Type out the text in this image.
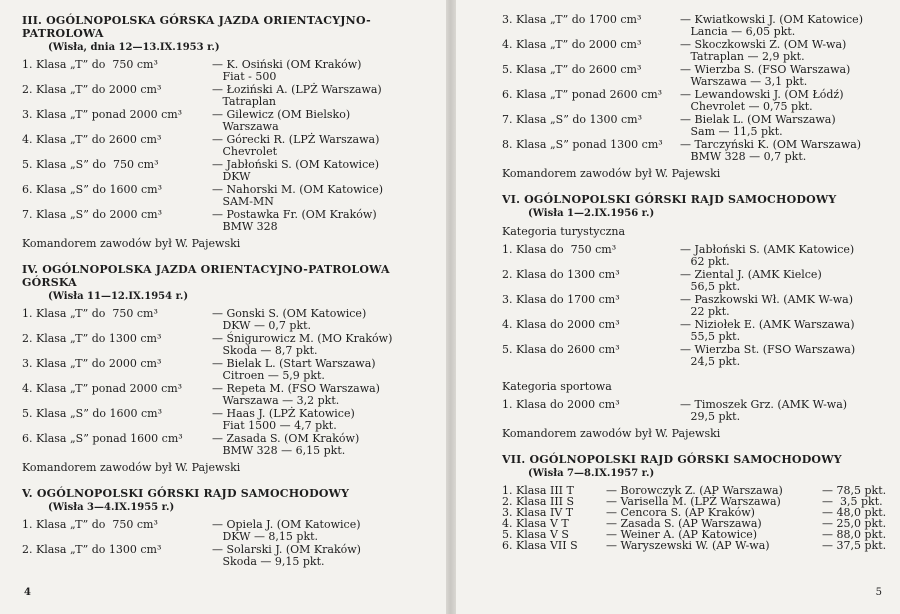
III. OGÓLNOPOLSKA GÓRSKA JAZDA ORIENTACYJNO-
PATROLOWA
(Wisła, dnia 12—13.IX.1953 r.)
1. Klasa „T” do  750 cm³	— K. Osiński (OM Kraków)
Fiat - 500
2. Klasa „T” do 2000 cm³	— Łoziński A. (LPŻ Warszawa)
Tatraplan
3. Klasa „T” ponad 2000 cm³	— Gilewicz (OM Bielsko)
Warszawa
4. Klasa „T” do 2600 cm³	— Górecki R. (LPŻ Warszawa)
Chevrolet
5. Klasa „S” do  750 cm³	— Jabłoński S. (OM Katowice)
DKW
6. Klasa „S” do 1600 cm³	— Nahorski M. (OM Katowice)
SAM-MN
7. Klasa „S” do 2000 cm³	— Postawka Fr. (OM Kraków)
BMW 328
Komandorem zawodów był W. Pajewski
IV. OGÓLNOPOLSKA JAZDA ORIENTACYJNO-PATROLOWA
GÓRSKA
(Wisła 11—12.IX.1954 r.)
1. Klasa „T” do  750 cm³	— Gonski S. (OM Katowice)
DKW — 0,7 pkt.
2. Klasa „T” do 1300 cm³	— Śnigurowicz M. (MO Kraków)
Skoda — 8,7 pkt.
3. Klasa „T” do 2000 cm³	— Bielak L. (Start Warszawa)
Citroen — 5,9 pkt.
4. Klasa „T” ponad 2000 cm³	— Repeta M. (FSO Warszawa)
Warszawa — 3,2 pkt.
5. Klasa „S” do 1600 cm³	— Haas J. (LPŻ Katowice)
Fiat 1500 — 4,7 pkt.
6. Klasa „S” ponad 1600 cm³	— Zasada S. (OM Kraków)
BMW 328 — 6,15 pkt.
Komandorem zawodów był W. Pajewski
V. OGÓLNOPOLSKI GÓRSKI RAJD SAMOCHODOWY
(Wisła 3—4.IX.1955 r.)
1. Klasa „T” do  750 cm³	— Opiela J. (OM Katowice)
DKW — 8,15 pkt.
2. Klasa „T” do 1300 cm³	— Solarski J. (OM Kraków)
Skoda — 9,15 pkt.
4
3. Klasa „T” do 1700 cm³	— Kwiatkowski J. (OM Katowice)
Lancia — 6,05 pkt.
4. Klasa „T” do 2000 cm³	— Skoczkowski Z. (OM W-wa)
Tatraplan — 2,9 pkt.
5. Klasa „T” do 2600 cm³	— Wierzba S. (FSO Warszawa)
Warszawa — 3,1 pkt.
6. Klasa „T” ponad 2600 cm³ — Lewandowski J. (OM Łódź)
Chevrolet — 0,75 pkt.
7. Klasa „S” do 1300 cm³	— Bielak L. (OM Warszawa)
Sam — 11,5 pkt.
8. Klasa „S” ponad 1300 cm³ — Tarczyński K. (OM Warszawa)
BMW 328 — 0,7 pkt.
Komandorem zawodów był W. Pajewski
VI. OGÓLNOPOLSKI GÓRSKI RAJD SAMOCHODOWY
(Wisła 1—2.IX.1956 r.)
Kategoria turystyczna
1. Klasa do  750 cm³	— Jabłoński S. (AMK Katowice)
62 pkt.
2. Klasa do 1300 cm³	— Ziental J. (AMK Kielce)
56,5 pkt.
3. Klasa do 1700 cm³	— Paszkowski Wł. (AMK W-wa)
22 pkt.
4. Klasa do 2000 cm³	— Niziołek E. (AMK Warszawa)
55,5 pkt.
5. Klasa do 2600 cm³	— Wierzba St. (FSO Warszawa)
24,5 pkt.
Kategoria sportowa
1. Klasa do 2000 cm³	— Timoszek Grz. (AMK W-wa)
29,5 pkt.
Komandorem zawodów był W. Pajewski
VII. OGÓLNOPOLSKI RAJD GÓRSKI SAMOCHODOWY
(Wisła 7—8.IX.1957 r.)
1. Klasa III T	— Borowczyk Z. (AP Warszawa)	— 78,5 pkt.
2. Klasa III S	— Varisella M. (LPŻ Warszawa)	—  3,5 pkt.
3. Klasa IV T	— Cencora S. (AP Kraków)	— 48,0 pkt.
4. Klasa V T	— Zasada S. (AP Warszawa)	— 25,0 pkt.
5. Klasa V S	— Weiner A. (AP Katowice)	— 88,0 pkt.
6. Klasa VII S	— Waryszewski W. (AP W-wa)	— 37,5 pkt.
5
